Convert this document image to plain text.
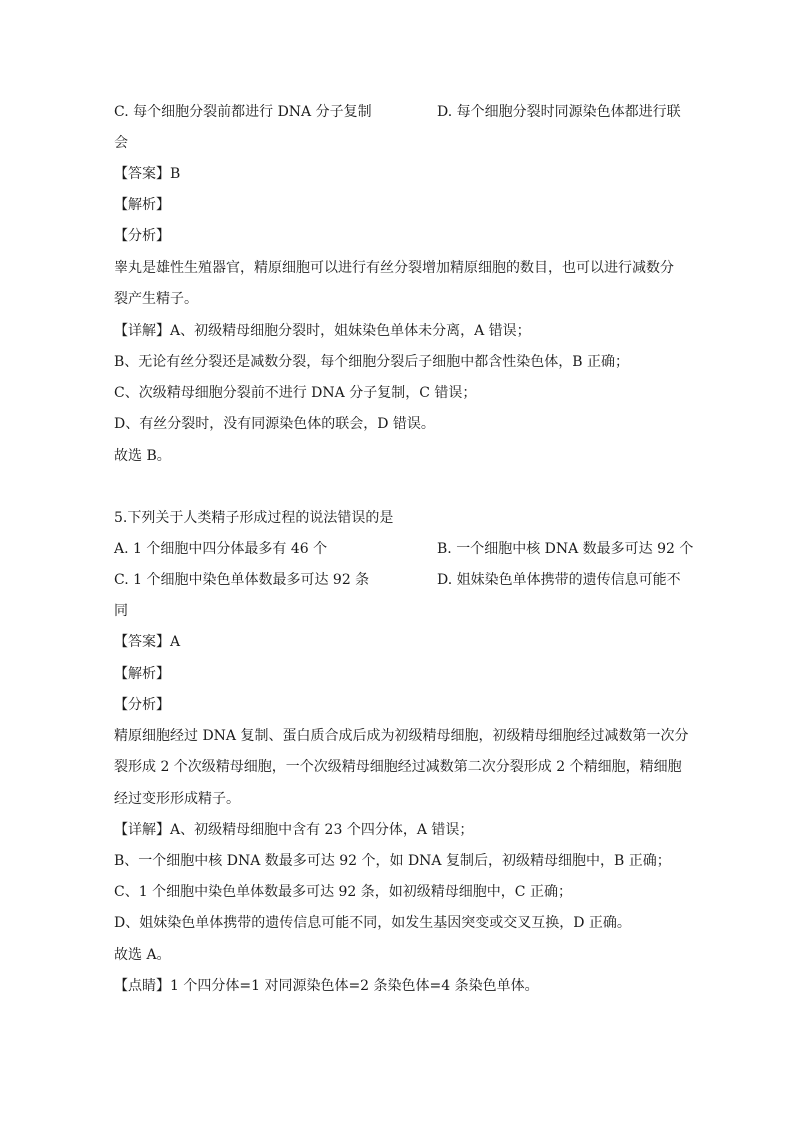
C. 每个细胞分裂前都进行 DNA 分子复制	D. 每个细胞分裂时同源染色体都进行联
会
【答案】B
【解析】
【分析】
睾丸是雄性生殖器官，精原细胞可以进行有丝分裂增加精原细胞的数目，也可以进行减数分
裂产生精子。
【详解】A、初级精母细胞分裂时，姐妹染色单体未分离，A 错误；
B、无论有丝分裂还是减数分裂，每个细胞分裂后子细胞中都含性染色体，B 正确；
C、次级精母细胞分裂前不进行 DNA 分子复制，C 错误；
D、有丝分裂时，没有同源染色体的联会，D 错误。
故选 B。
5.下列关于人类精子形成过程的说法错误的是
A. 1 个细胞中四分体最多有 46 个	B. 一个细胞中核 DNA 数最多可达 92 个
C. 1 个细胞中染色单体数最多可达 92 条	D. 姐妹染色单体携带的遗传信息可能不
同
【答案】A
【解析】
【分析】
精原细胞经过 DNA 复制、蛋白质合成后成为初级精母细胞，初级精母细胞经过减数第一次分
裂形成 2 个次级精母细胞，一个次级精母细胞经过减数第二次分裂形成 2 个精细胞，精细胞
经过变形形成精子。
【详解】A、初级精母细胞中含有 23 个四分体，A 错误；
B、一个细胞中核 DNA 数最多可达 92 个，如 DNA 复制后，初级精母细胞中，B 正确；
C、1 个细胞中染色单体数最多可达 92 条，如初级精母细胞中，C 正确；
D、姐妹染色单体携带的遗传信息可能不同，如发生基因突变或交叉互换，D 正确。
故选 A。
【点睛】1 个四分体=1 对同源染色体=2 条染色体=4 条染色单体。
